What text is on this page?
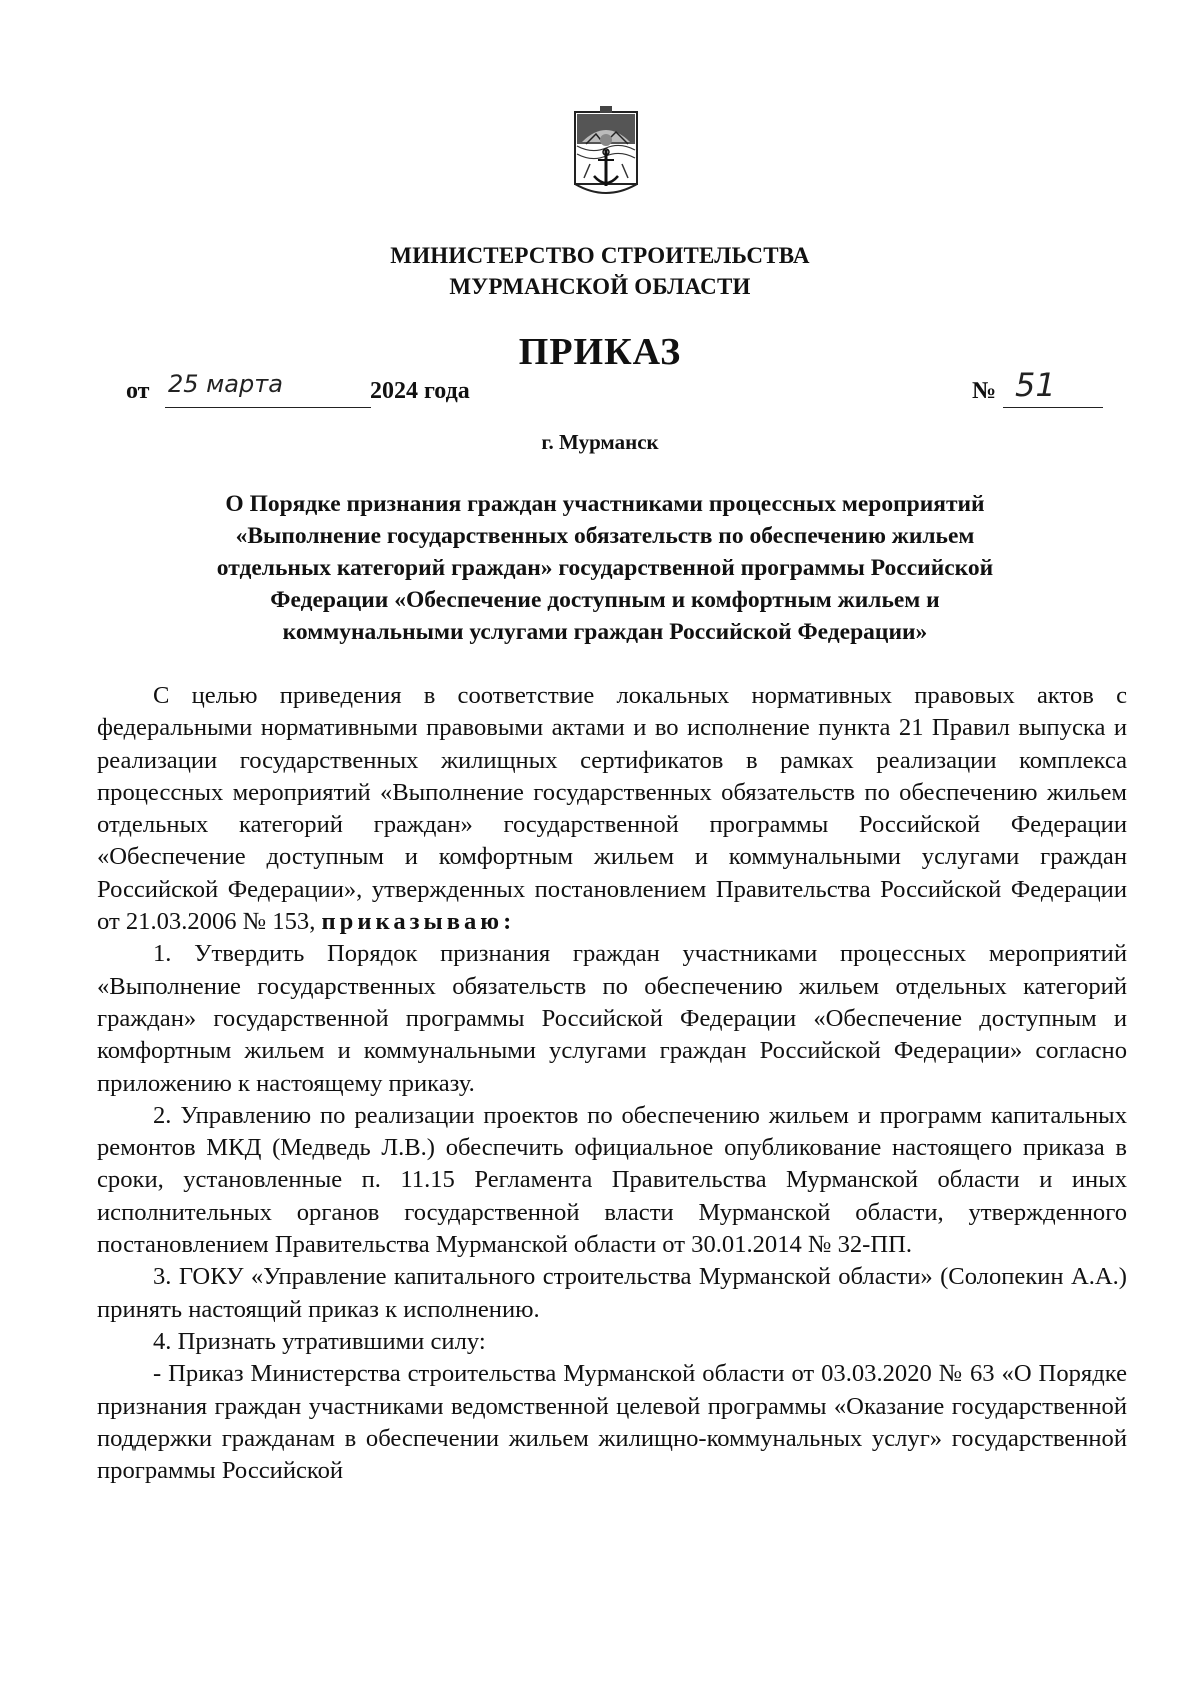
МИНИСТЕРСТВО СТРОИТЕЛЬСТВА
МУРМАНСКОЙ ОБЛАСТИ
ПРИКАЗ
от 25 марта	2024 года	№ 51
г. Мурманск
О Порядке признания граждан участниками процессных мероприятий
«Выполнение государственных обязательств по обеспечению жильем
отдельных категорий граждан» государственной программы Российской
Федерации «Обеспечение доступным и комфортным жильем и
коммунальными услугами граждан Российской Федерации»

С целью приведения в соответствие локальных нормативных правовых актов с федеральными нормативными правовыми актами и во исполнение пункта 21 Правил выпуска и реализации государственных жилищных сертификатов в рамках реализации комплекса процессных мероприятий «Выполнение государственных обязательств по обеспечению жильем отдельных категорий граждан» государственной программы Российской Федерации «Обеспечение доступным и комфортным жильем и коммунальными услугами граждан Российской Федерации», утвержденных постановлением Правительства Российской Федерации от 21.03.2006 № 153, приказываю:

1. Утвердить Порядок признания граждан участниками процессных мероприятий «Выполнение государственных обязательств по обеспечению жильем отдельных категорий граждан» государственной программы Российской Федерации «Обеспечение доступным и комфортным жильем и коммунальными услугами граждан Российской Федерации» согласно приложению к настоящему приказу.

2. Управлению по реализации проектов по обеспечению жильем и программ капитальных ремонтов МКД (Медведь Л.В.) обеспечить официальное опубликование настоящего приказа в сроки, установленные п. 11.15 Регламента Правительства Мурманской области и иных исполнительных органов государственной власти Мурманской области, утвержденного постановлением Правительства Мурманской области от 30.01.2014 № 32-ПП.

3. ГОКУ «Управление капитального строительства Мурманской области» (Солопекин А.А.) принять настоящий приказ к исполнению.

4. Признать утратившими силу:

- Приказ Министерства строительства Мурманской области от 03.03.2020 № 63 «О Порядке признания граждан участниками ведомственной целевой программы «Оказание государственной поддержки гражданам в обеспечении жильем жилищно-коммунальных услуг» государственной программы Российской
